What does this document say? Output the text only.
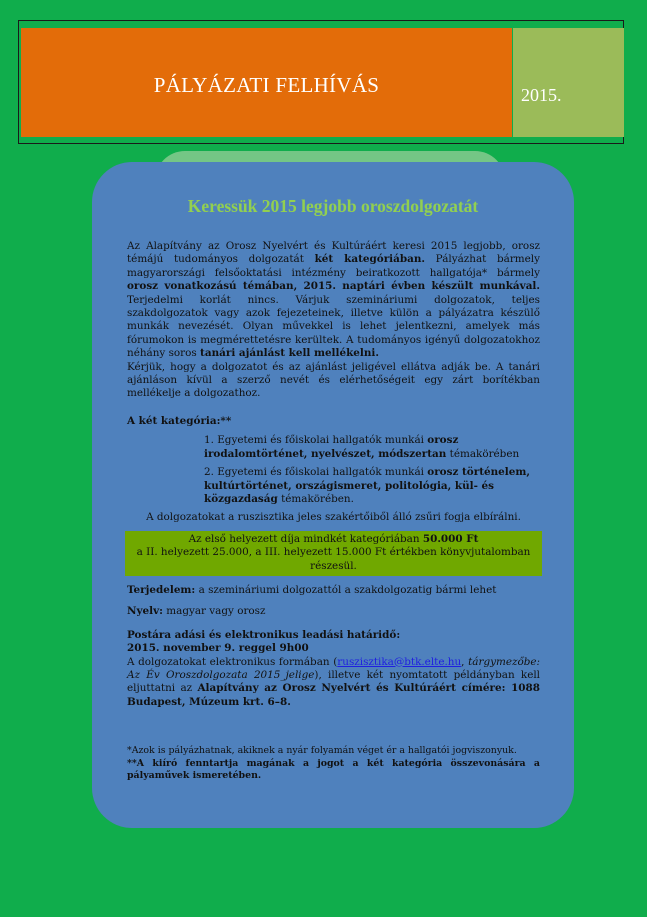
PÁLYÁZATI FELHÍVÁS	2015.
Keressük 2015 legjobb oroszdolgozatát

Az Alapítvány az Orosz Nyelvért és Kultúráért keresi 2015 legjobb, orosz témájú tudományos dolgozatát két kategóriában. Pályázhat bármely magyarországi felsőoktatási intézmény beiratkozott hallgatója* bármely orosz vonatkozású témában, 2015. naptári évben készült munkával. Terjedelmi korlát nincs. Várjuk szemináriumi dolgozatok, teljes szakdolgozatok vagy azok fejezeteinek, illetve külön a pályázatra készülő munkák nevezését. Olyan művekkel is lehet jelentkezni, amelyek más fórumokon is megmérettetésre kerültek. A tudományos igényű dolgozatokhoz néhány soros tanári ajánlást kell mellékelni.

Kérjük, hogy a dolgozatot és az ajánlást jeligével ellátva adják be. A tanári ajánláson kívül a szerző nevét és elérhetőségeit egy zárt borítékban mellékelje a dolgozathoz.

A két kategória:**

1. Egyetemi és főiskolai hallgatók munkái orosz irodalomtörténet, nyelvészet, módszertan témakörében

2. Egyetemi és főiskolai hallgatók munkái orosz történelem, kultúrtörténet, országismeret, politológia, kül- és közgazdaság témakörében.

A dolgozatokat a ruszisztika jeles szakértőiből álló zsűri fogja elbírálni.

Az első helyezett díja mindkét kategóriában 50.000 Ft
a II. helyezett 25.000, a III. helyezett 15.000 Ft értékben könyvjutalomban részesül.

Terjedelem: a szemináriumi dolgozattól a szakdolgozatig bármi lehet

Nyelv: magyar vagy orosz

Postára adási és elektronikus leadási határidő:

2015. november 9. reggel 9h00

A dolgozatokat elektronikus formában (ruszisztika@btk.elte.hu, tárgymezőbe: Az Év Oroszdolgozata 2015_jelige), illetve két nyomtatott példányban kell eljuttatni az Alapítvány az Orosz Nyelvért és Kultúráért címére: 1088 Budapest, Múzeum krt. 6–8.

*Azok is pályázhatnak, akiknek a nyár folyamán véget ér a hallgatói jogviszonyuk.

**A kiíró fenntartja magának a jogot a két kategória összevonására a pályaművek ismeretében.
